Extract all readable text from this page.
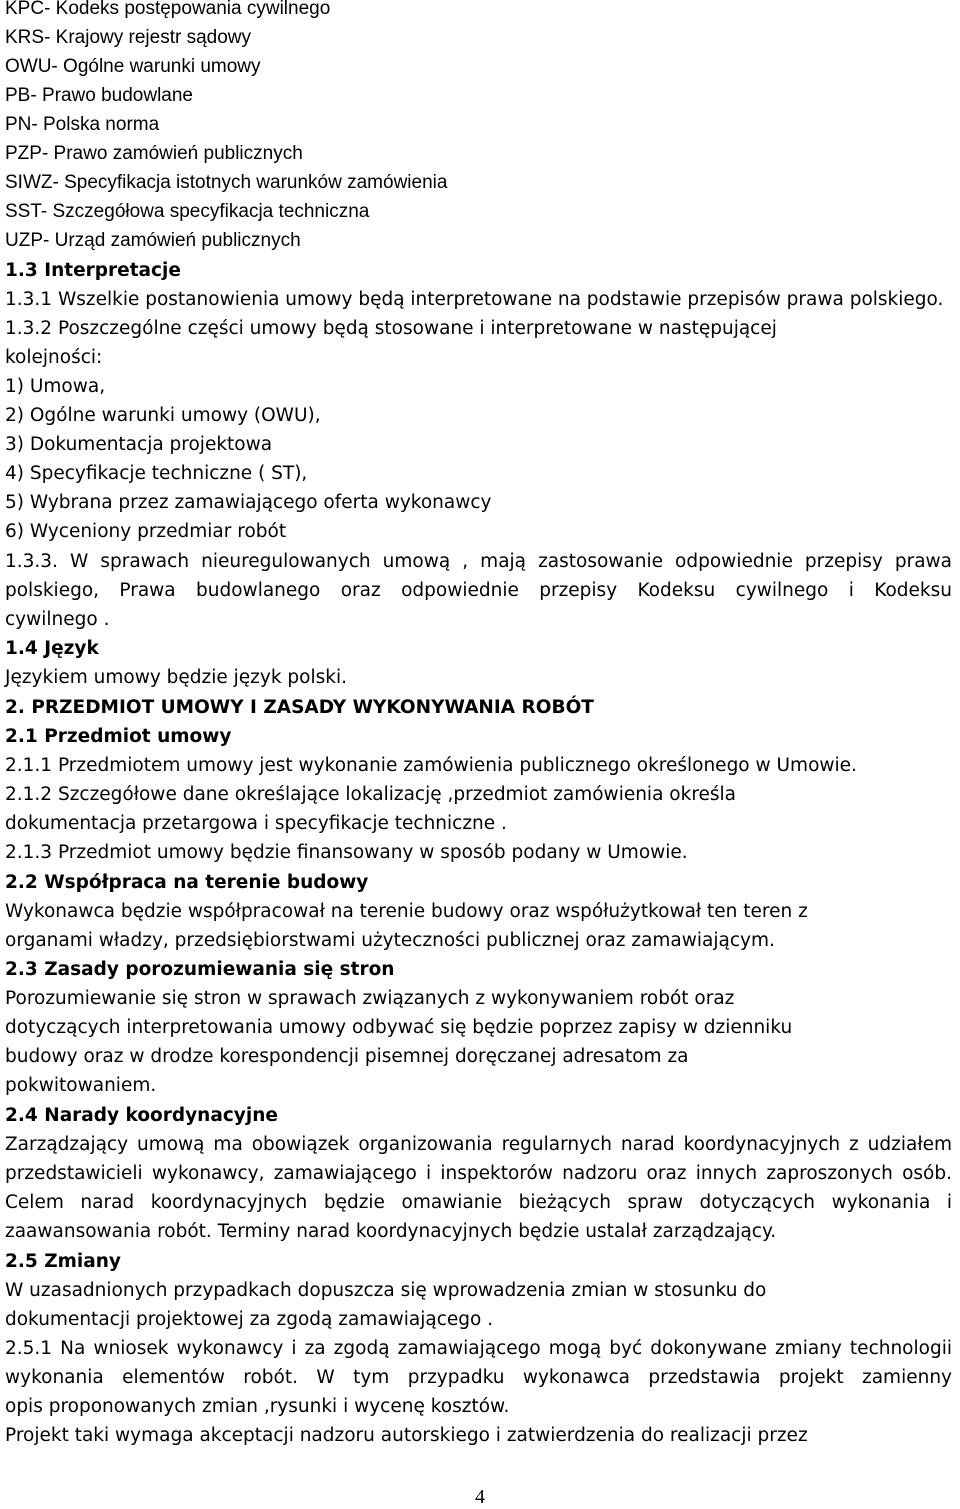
KPC- Kodeks postępowania cywilnego
KRS- Krajowy rejestr sądowy
OWU- Ogólne warunki umowy
PB- Prawo budowlane
PN- Polska norma
PZP- Prawo zamówień publicznych
SIWZ- Specyfikacja istotnych warunków zamówienia
SST- Szczegółowa specyfikacja techniczna
UZP- Urząd zamówień publicznych
1.3 Interpretacje
1.3.1 Wszelkie postanowienia umowy będą interpretowane na podstawie przepisów prawa polskiego.
1.3.2 Poszczególne części umowy będą stosowane i interpretowane w następującej
kolejności:
1) Umowa,
2) Ogólne warunki umowy (OWU),
3) Dokumentacja projektowa
4) Specyfikacje techniczne ( ST),
5) Wybrana przez zamawiającego oferta wykonawcy
6) Wyceniony przedmiar robót
1.3.3. W sprawach nieuregulowanych umową , mają zastosowanie odpowiednie przepisy prawa
polskiego, Prawa budowlanego oraz odpowiednie przepisy Kodeksu cywilnego i Kodeksu
cywilnego .
1.4 Język
Językiem umowy będzie język polski.
2. PRZEDMIOT UMOWY I ZASADY WYKONYWANIA ROBÓT
2.1 Przedmiot umowy
2.1.1 Przedmiotem umowy jest wykonanie zamówienia publicznego określonego w Umowie.
2.1.2 Szczegółowe dane określające lokalizację ,przedmiot zamówienia określa
dokumentacja przetargowa i specyfikacje techniczne .
2.1.3 Przedmiot umowy będzie finansowany w sposób podany w Umowie.
2.2 Współpraca na terenie budowy
Wykonawca będzie współpracował na terenie budowy oraz współużytkował ten teren z
organami władzy, przedsiębiorstwami użyteczności publicznej oraz zamawiającym.
2.3 Zasady porozumiewania się stron
Porozumiewanie się stron w sprawach związanych z wykonywaniem robót oraz
dotyczących interpretowania umowy odbywać się będzie poprzez zapisy w dzienniku
budowy oraz w drodze korespondencji pisemnej doręczanej adresatom za
pokwitowaniem.
2.4 Narady koordynacyjne
Zarządzający umową ma obowiązek organizowania regularnych narad koordynacyjnych z udziałem
przedstawicieli wykonawcy, zamawiającego i inspektorów nadzoru oraz innych zaproszonych osób.
Celem narad koordynacyjnych będzie omawianie bieżących spraw dotyczących wykonania i
zaawansowania robót. Terminy narad koordynacyjnych będzie ustalał zarządzający.
2.5 Zmiany
W uzasadnionych przypadkach dopuszcza się wprowadzenia zmian w stosunku do
dokumentacji projektowej za zgodą zamawiającego .
2.5.1 Na wniosek wykonawcy i za zgodą zamawiającego mogą być dokonywane zmiany technologii
wykonania elementów robót. W tym przypadku wykonawca przedstawia projekt zamienny
opis proponowanych zmian ,rysunki i wycenę kosztów.
Projekt taki wymaga akceptacji nadzoru autorskiego i zatwierdzenia do realizacji przez
4
